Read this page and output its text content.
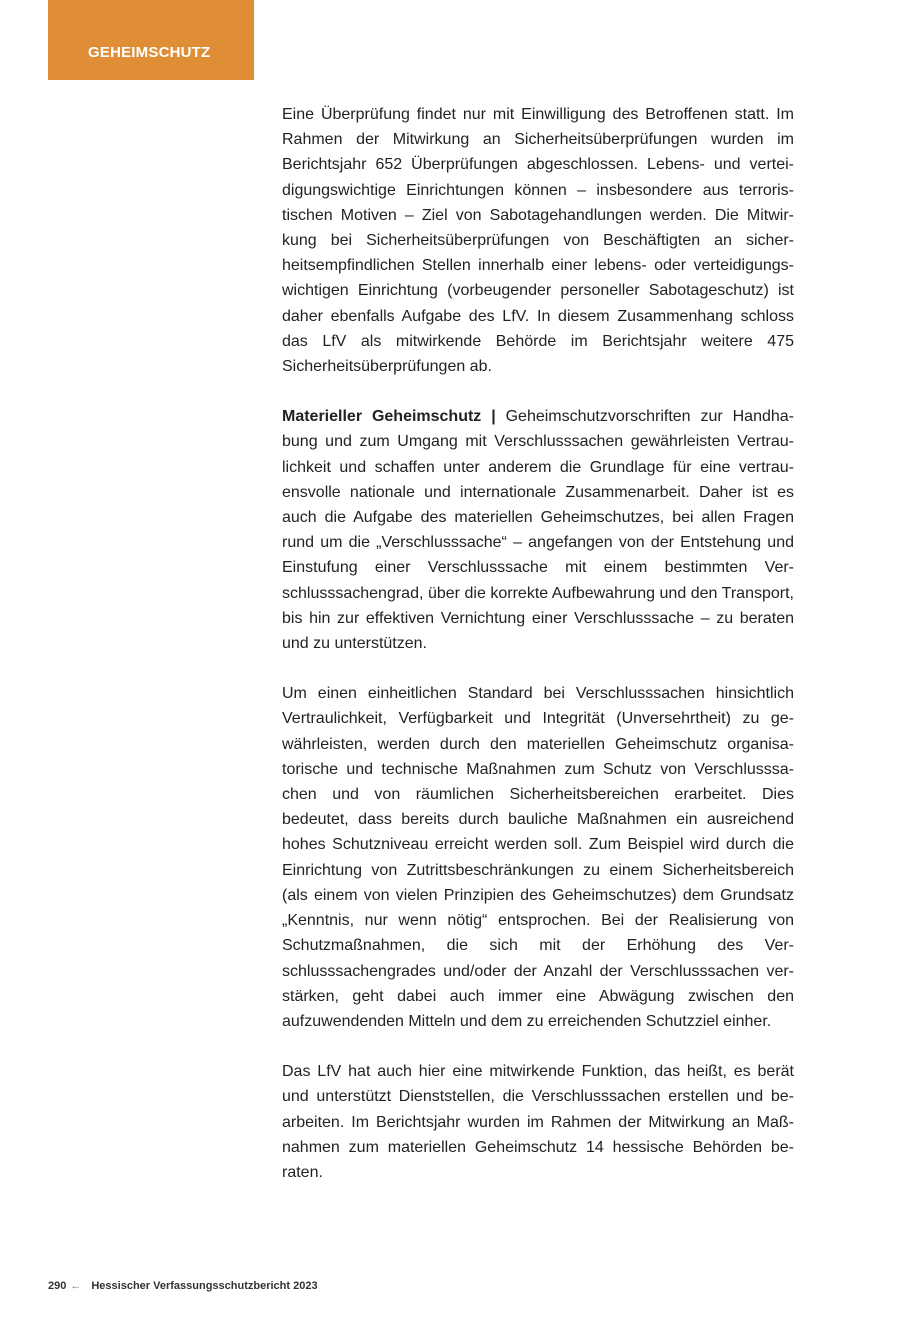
GEHEIMSCHUTZ

Eine Überprüfung findet nur mit Einwilligung des Betroffenen statt. Im Rahmen der Mitwirkung an Sicherheitsüberprüfungen wurden im Berichtsjahr 652 Überprüfungen abgeschlossen. Lebens- und verteidigungswichtige Einrichtungen können – insbesondere aus terroristischen Motiven – Ziel von Sabotagehandlungen werden. Die Mitwirkung bei Sicherheitsüberprüfungen von Beschäftigten an sicherheitsempfindlichen Stellen innerhalb einer lebens- oder verteidigungswichtigen Einrichtung (vorbeugender personeller Sabotageschutz) ist daher ebenfalls Aufgabe des LfV. In diesem Zusammenhang schloss das LfV als mitwirkende Behörde im Berichtsjahr weitere 475 Sicherheitsüberprüfungen ab.

Materieller Geheimschutz | Geheimschutzvorschriften zur Handhabung und zum Umgang mit Verschlusssachen gewährleisten Vertraulichkeit und schaffen unter anderem die Grundlage für eine vertrauensvolle nationale und internationale Zusammenarbeit. Daher ist es auch die Aufgabe des materiellen Geheimschutzes, bei allen Fragen rund um die „Verschlusssache“ – angefangen von der Entstehung und Einstufung einer Verschlusssache mit einem bestimmten Verschlusssachengrad, über die korrekte Aufbewahrung und den Transport, bis hin zur effektiven Vernichtung einer Verschlusssache – zu beraten und zu unterstützen.

Um einen einheitlichen Standard bei Verschlusssachen hinsichtlich Vertraulichkeit, Verfügbarkeit und Integrität (Unversehrtheit) zu gewährleisten, werden durch den materiellen Geheimschutz organisatorische und technische Maßnahmen zum Schutz von Verschlusssachen und von räumlichen Sicherheitsbereichen erarbeitet. Dies bedeutet, dass bereits durch bauliche Maßnahmen ein ausreichend hohes Schutzniveau erreicht werden soll. Zum Beispiel wird durch die Einrichtung von Zutrittsbeschränkungen zu einem Sicherheitsbereich (als einem von vielen Prinzipien des Geheimschutzes) dem Grundsatz „Kenntnis, nur wenn nötig“ entsprochen. Bei der Realisierung von Schutzmaßnahmen, die sich mit der Erhöhung des Verschlusssachengrades und/oder der Anzahl der Verschlusssachen verstärken, geht dabei auch immer eine Abwägung zwischen den aufzuwendenden Mitteln und dem zu erreichenden Schutzziel einher.

Das LfV hat auch hier eine mitwirkende Funktion, das heißt, es berät und unterstützt Dienststellen, die Verschlusssachen erstellen und bearbeiten. Im Berichtsjahr wurden im Rahmen der Mitwirkung an Maßnahmen zum materiellen Geheimschutz 14 hessische Behörden beraten.

290 ← Hessischer Verfassungsschutzbericht 2023
